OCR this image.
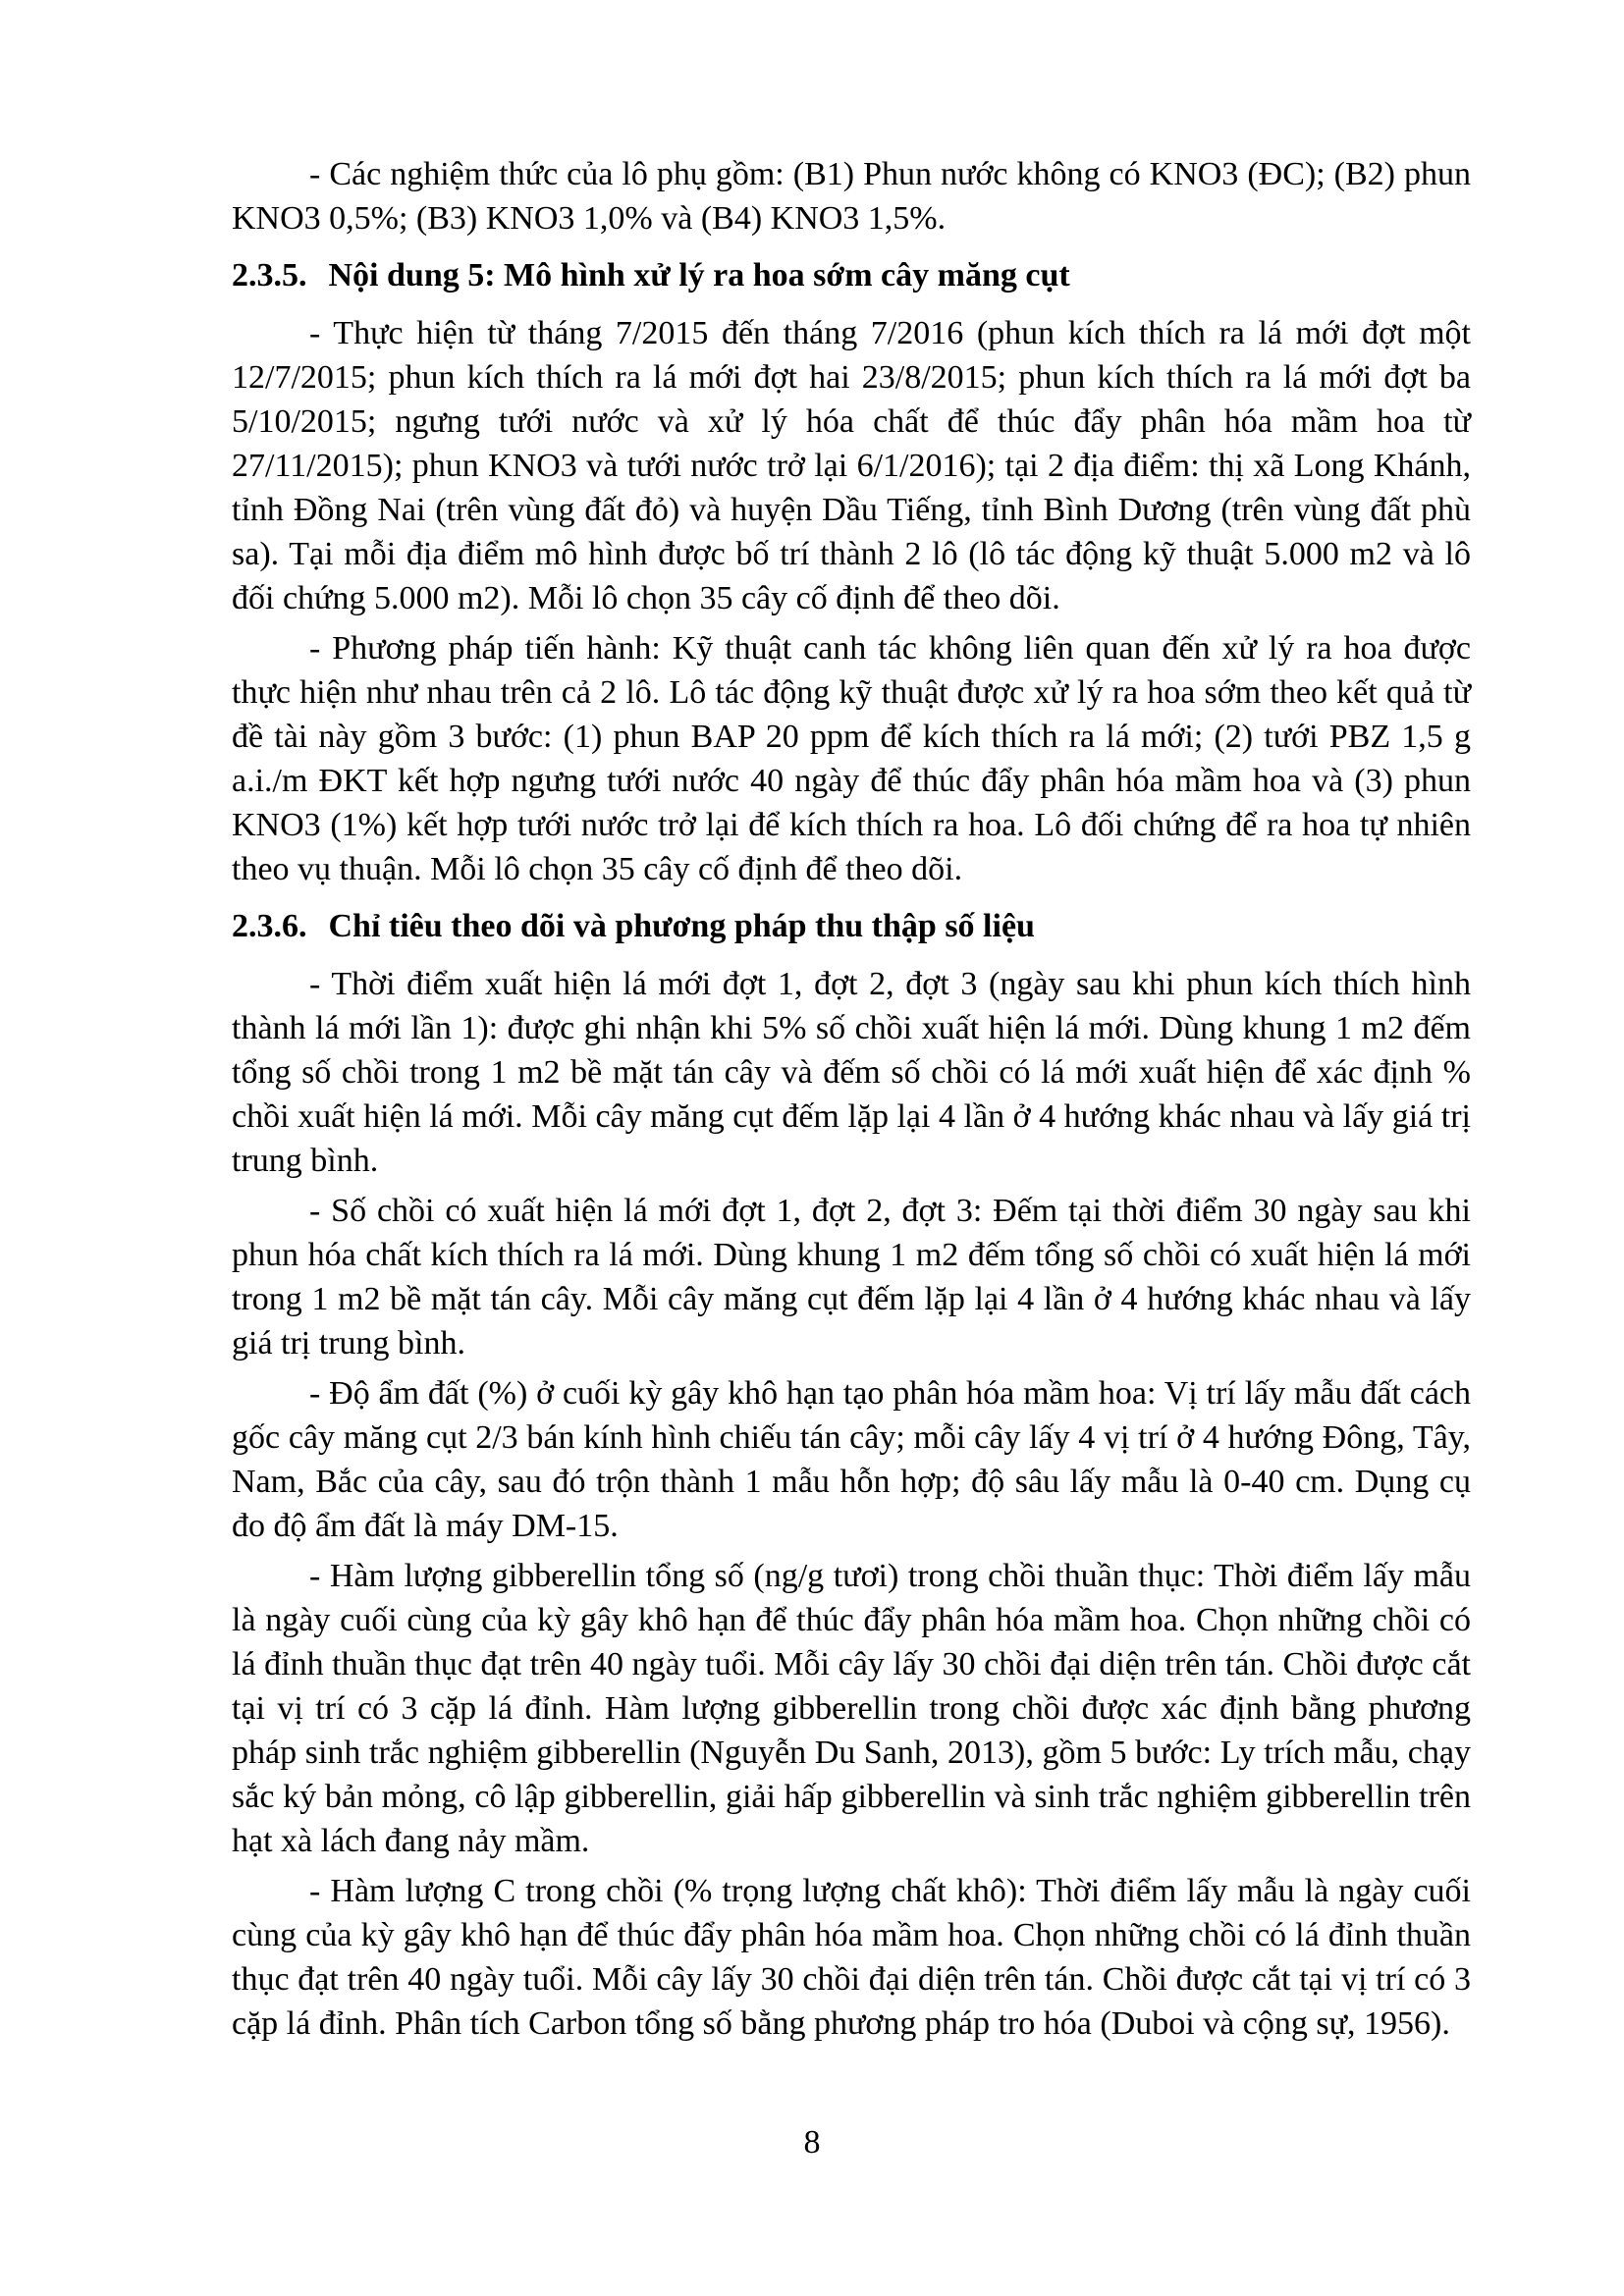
- Các nghiệm thức của lô phụ gồm: (B1) Phun nước không có KNO3 (ĐC); (B2) phun KNO3 0,5%; (B3) KNO3 1,0% và (B4) KNO3 1,5%.

2.3.5. Nội dung 5: Mô hình xử lý ra hoa sớm cây măng cụt

- Thực hiện từ tháng 7/2015 đến tháng 7/2016 (phun kích thích ra lá mới đợt một 12/7/2015; phun kích thích ra lá mới đợt hai 23/8/2015; phun kích thích ra lá mới đợt ba 5/10/2015; ngưng tưới nước và xử lý hóa chất để thúc đẩy phân hóa mầm hoa từ 27/11/2015); phun KNO3 và tưới nước trở lại 6/1/2016); tại 2 địa điểm: thị xã Long Khánh, tỉnh Đồng Nai (trên vùng đất đỏ) và huyện Dầu Tiếng, tỉnh Bình Dương (trên vùng đất phù sa). Tại mỗi địa điểm mô hình được bố trí thành 2 lô (lô tác động kỹ thuật 5.000 m2 và lô đối chứng 5.000 m2). Mỗi lô chọn 35 cây cố định để theo dõi.

- Phương pháp tiến hành: Kỹ thuật canh tác không liên quan đến xử lý ra hoa được thực hiện như nhau trên cả 2 lô. Lô tác động kỹ thuật được xử lý ra hoa sớm theo kết quả từ đề tài này gồm 3 bước: (1) phun BAP 20 ppm để kích thích ra lá mới; (2) tưới PBZ 1,5 g a.i./m ĐKT kết hợp ngưng tưới nước 40 ngày để thúc đẩy phân hóa mầm hoa và (3) phun KNO3 (1%) kết hợp tưới nước trở lại để kích thích ra hoa. Lô đối chứng để ra hoa tự nhiên theo vụ thuận. Mỗi lô chọn 35 cây cố định để theo dõi.

2.3.6. Chỉ tiêu theo dõi và phương pháp thu thập số liệu

- Thời điểm xuất hiện lá mới đợt 1, đợt 2, đợt 3 (ngày sau khi phun kích thích hình thành lá mới lần 1): được ghi nhận khi 5% số chồi xuất hiện lá mới. Dùng khung 1 m2 đếm tổng số chồi trong 1 m2 bề mặt tán cây và đếm số chồi có lá mới xuất hiện để xác định % chồi xuất hiện lá mới. Mỗi cây măng cụt đếm lặp lại 4 lần ở 4 hướng khác nhau và lấy giá trị trung bình.

- Số chồi có xuất hiện lá mới đợt 1, đợt 2, đợt 3: Đếm tại thời điểm 30 ngày sau khi phun hóa chất kích thích ra lá mới. Dùng khung 1 m2 đếm tổng số chồi có xuất hiện lá mới trong 1 m2 bề mặt tán cây. Mỗi cây măng cụt đếm lặp lại 4 lần ở 4 hướng khác nhau và lấy giá trị trung bình.

- Độ ẩm đất (%) ở cuối kỳ gây khô hạn tạo phân hóa mầm hoa: Vị trí lấy mẫu đất cách gốc cây măng cụt 2/3 bán kính hình chiếu tán cây; mỗi cây lấy 4 vị trí ở 4 hướng Đông, Tây, Nam, Bắc của cây, sau đó trộn thành 1 mẫu hỗn hợp; độ sâu lấy mẫu là 0-40 cm. Dụng cụ đo độ ẩm đất là máy DM-15.

- Hàm lượng gibberellin tổng số (ng/g tươi) trong chồi thuần thục: Thời điểm lấy mẫu là ngày cuối cùng của kỳ gây khô hạn để thúc đẩy phân hóa mầm hoa. Chọn những chồi có lá đỉnh thuần thục đạt trên 40 ngày tuổi. Mỗi cây lấy 30 chồi đại diện trên tán. Chồi được cắt tại vị trí có 3 cặp lá đỉnh. Hàm lượng gibberellin trong chồi được xác định bằng phương pháp sinh trắc nghiệm gibberellin (Nguyễn Du Sanh, 2013), gồm 5 bước: Ly trích mẫu, chạy sắc ký bản mỏng, cô lập gibberellin, giải hấp gibberellin và sinh trắc nghiệm gibberellin trên hạt xà lách đang nảy mầm.

- Hàm lượng C trong chồi (% trọng lượng chất khô): Thời điểm lấy mẫu là ngày cuối cùng của kỳ gây khô hạn để thúc đẩy phân hóa mầm hoa. Chọn những chồi có lá đỉnh thuần thục đạt trên 40 ngày tuổi. Mỗi cây lấy 30 chồi đại diện trên tán. Chồi được cắt tại vị trí có 3 cặp lá đỉnh. Phân tích Carbon tổng số bằng phương pháp tro hóa (Duboi và cộng sự, 1956).

8
